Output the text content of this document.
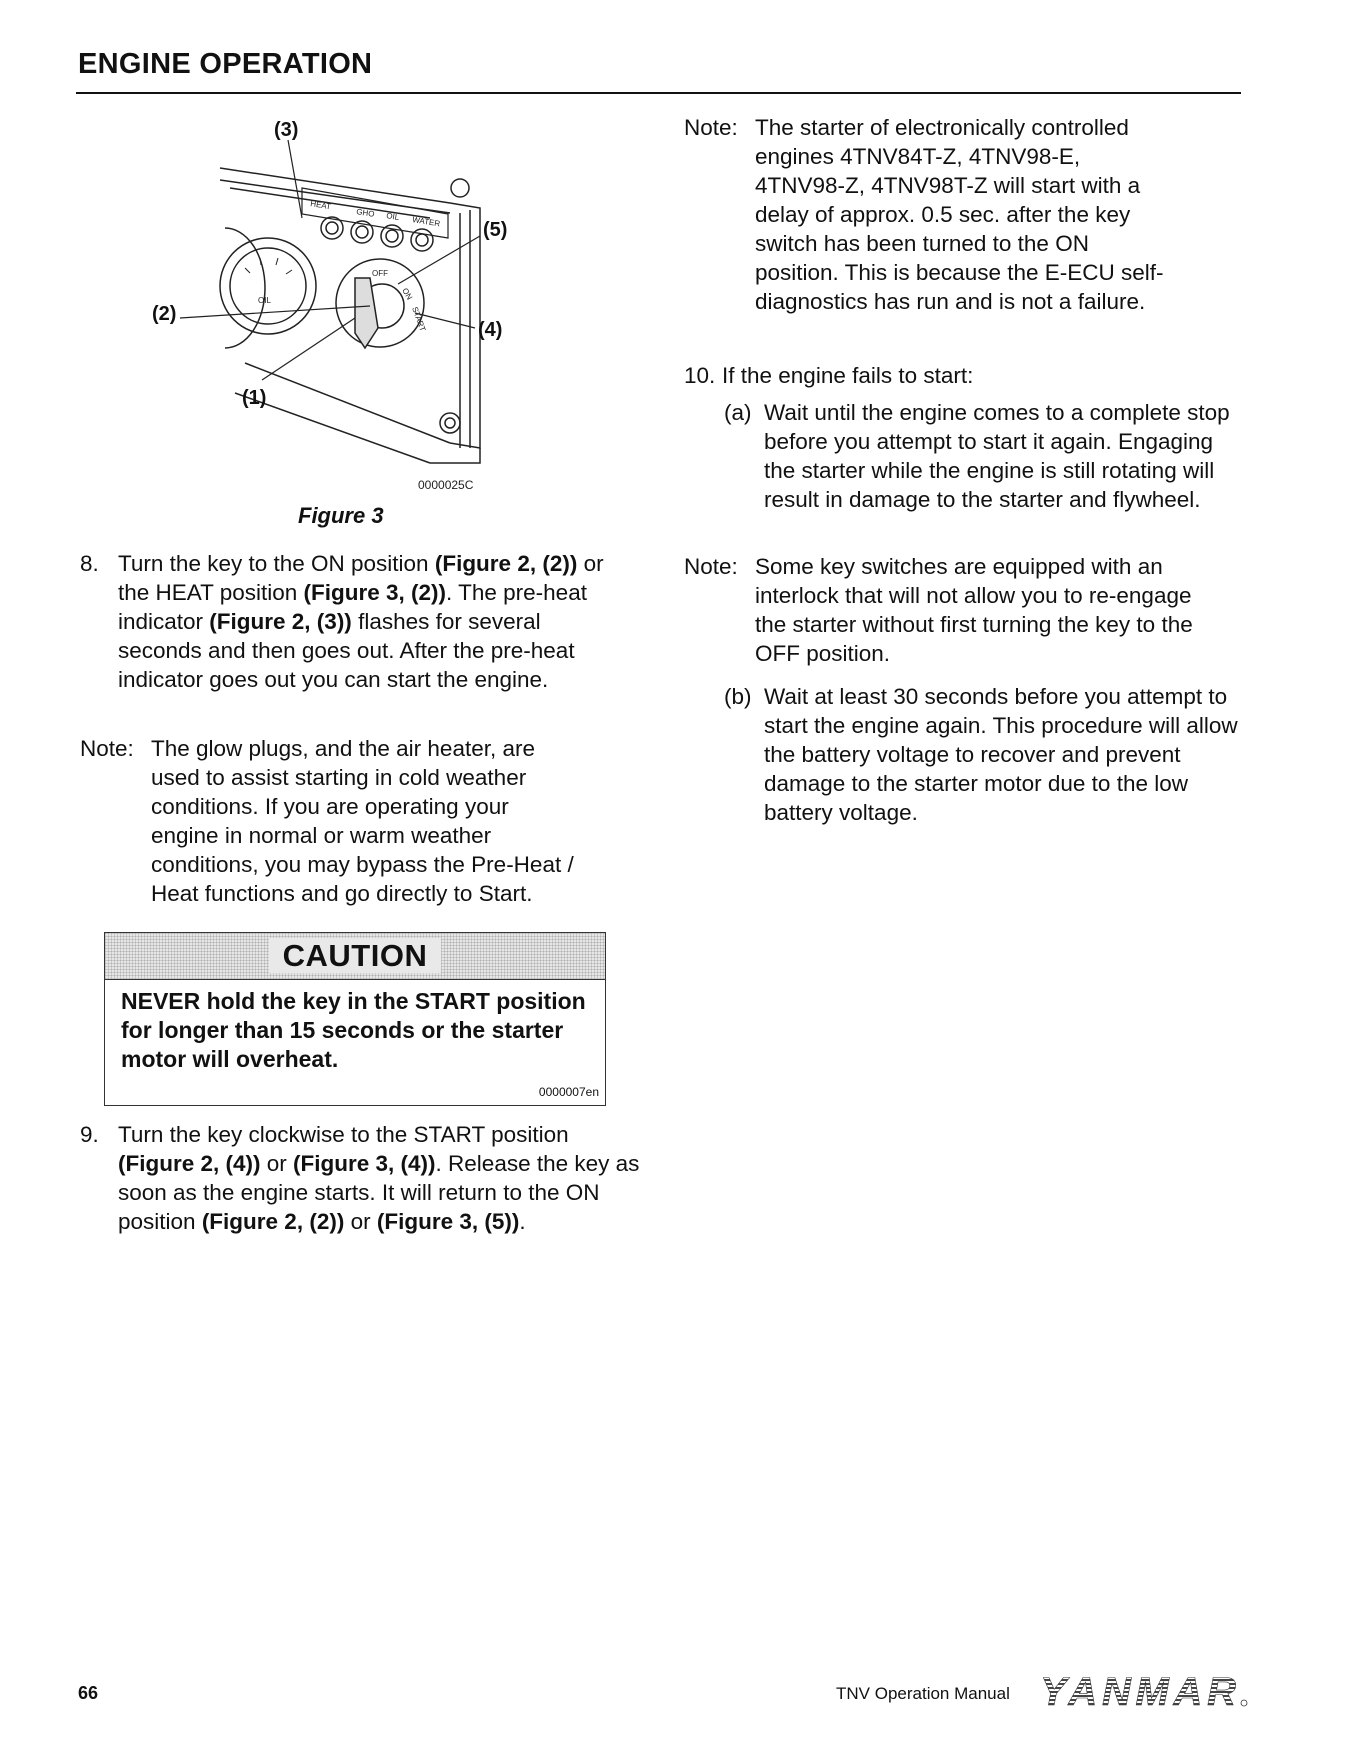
ENGINE OPERATION
(3)
(5)
(2)
(4)
(1)
HEAT
GHO OIL WATER
OIL
OFF
ON
START
0000025C
Figure 3
8. Turn the key to the ON position (Figure 2, (2)) or the HEAT position (Figure 3, (2)). The pre-heat indicator (Figure 2, (3)) flashes for several seconds and then goes out. After the pre-heat indicator goes out you can start the engine.
Note: The glow plugs, and the air heater, are used to assist starting in cold weather conditions. If you are operating your engine in normal or warm weather conditions, you may bypass the Pre-Heat / Heat functions and go directly to Start.
CAUTION
NEVER hold the key in the START position for longer than 15 seconds or the starter motor will overheat.
0000007en
9. Turn the key clockwise to the START position (Figure 2, (4)) or (Figure 3, (4)). Release the key as soon as the engine starts. It will return to the ON position (Figure 2, (2)) or (Figure 3, (5)).
Note: The starter of electronically controlled engines 4TNV84T-Z, 4TNV98-E, 4TNV98-Z, 4TNV98T-Z will start with a delay of approx. 0.5 sec. after the key switch has been turned to the ON position. This is because the E-ECU self-diagnostics has run and is not a failure.
10. If the engine fails to start:
(a) Wait until the engine comes to a complete stop before you attempt to start it again. Engaging the starter while the engine is still rotating will result in damage to the starter and flywheel.
Note: Some key switches are equipped with an interlock that will not allow you to re-engage the starter without first turning the key to the OFF position.
(b) Wait at least 30 seconds before you attempt to start the engine again. This procedure will allow the battery voltage to recover and prevent damage to the starter motor due to the low battery voltage.
66	TNV Operation Manual YANMAR
